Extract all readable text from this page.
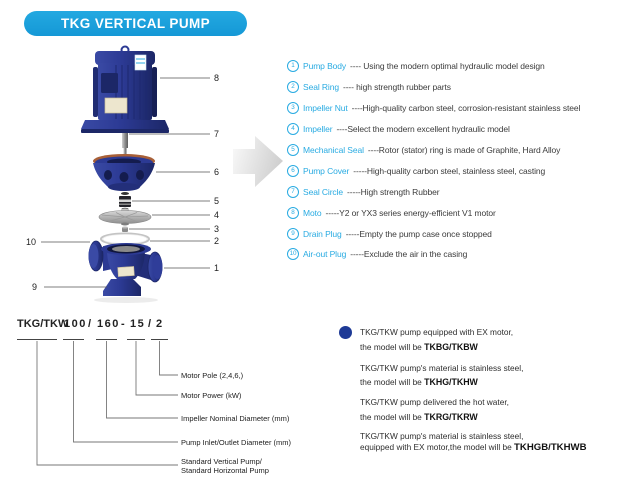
TKG VERTICAL PUMP
8
7
6
5
4
3
2
1
10
9
1 Pump Body ---- Using the modern optimal hydraulic model design
2 Seal Ring ---- high strength rubber parts
3 Impeller Nut ----High-quality carbon steel, corrosion-resistant stainless steel
4 Impeller ----Select the modern excellent hydraulic model
5 Mechanical Seal ----Rotor (stator) ring is made of Graphite, Hard Alloy
6 Pump Cover -----High-quality carbon steel, stainless steel, casting
7 Seal Circle -----High strength Rubber
8 Moto -----Y2 or YX3 series energy-efficient V1 motor
9 Drain Plug -----Empty the pump case once stopped
10 Air-out Plug -----Exclude the air in the casing
TKG/TKW
100 / 160 - 15 / 2
Motor Pole (2,4,6,)
Motor Power (kW)
Impeller Nominal Diameter (mm)
Pump Inlet/Outlet Diameter (mm)
Standard Vertical Pump/
Standard Horizontal Pump
TKG/TKW pump equipped with EX motor,
the model will be TKBG/TKBW
TKG/TKW pump's material is stainless steel,
the model will be TKHG/TKHW
TKG/TKW pump delivered the hot water,
the model will be TKRG/TKRW
TKG/TKW pump's material is stainless steel,
equipped with EX motor,the model will be TKHGB/TKHWB
